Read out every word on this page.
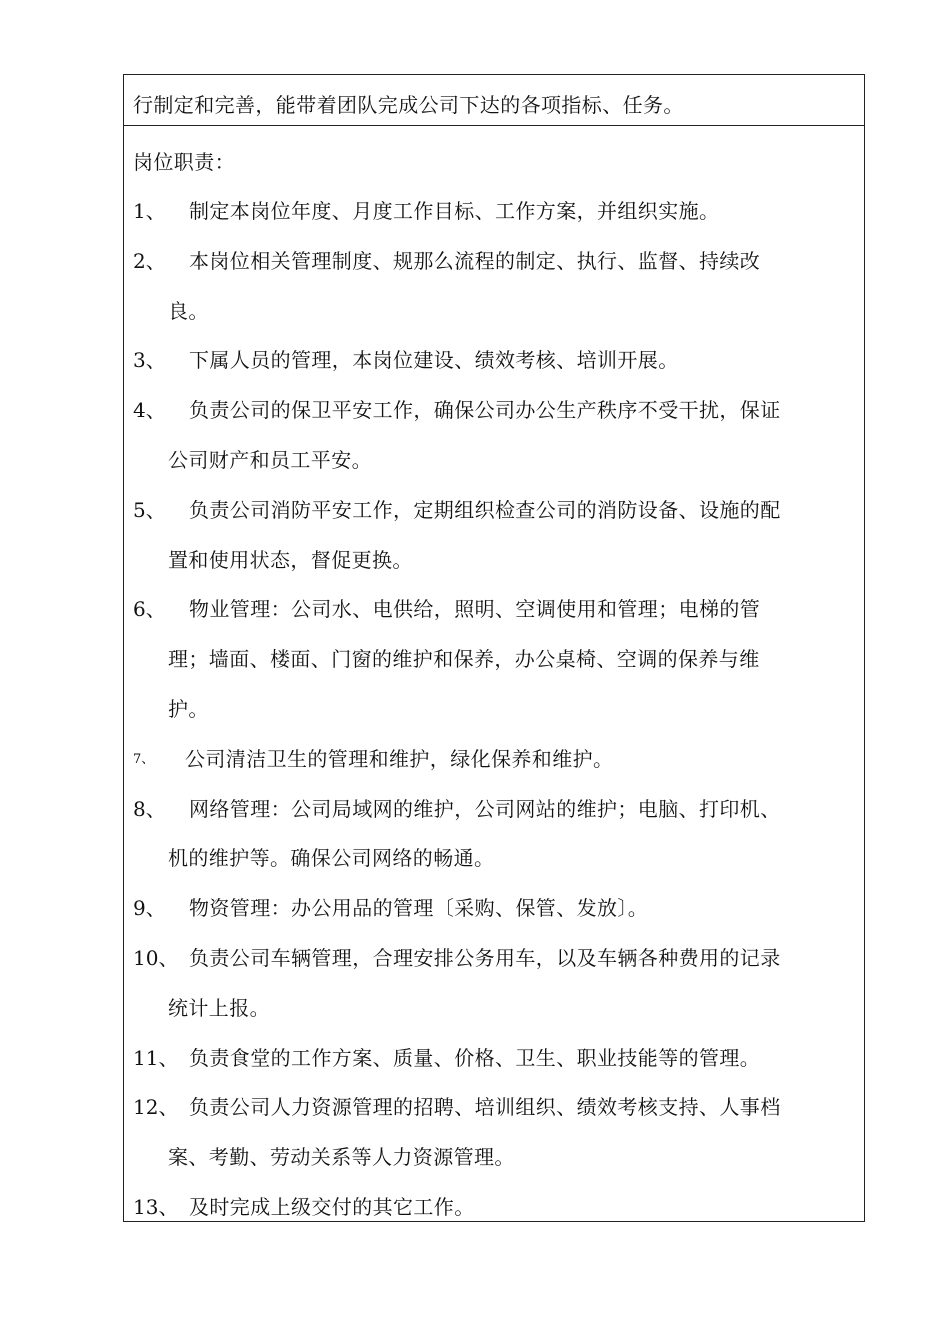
行制定和完善，能带着团队完成公司下达的各项指标、任务。
岗位职责：
1、 制定本岗位年度、月度工作目标、工作方案，并组织实施。
2、 本岗位相关管理制度、规那么流程的制定、执行、监督、持续改
良。
3、 下属人员的管理，本岗位建设、绩效考核、培训开展。
4、 负责公司的保卫平安工作，确保公司办公生产秩序不受干扰，保证
公司财产和员工平安。
5、 负责公司消防平安工作，定期组织检查公司的消防设备、设施的配
置和使用状态，督促更换。
6、 物业管理：公司水、电供给，照明、空调使用和管理；电梯的管
理；墙面、楼面、门窗的维护和保养，办公桌椅、空调的保养与维
护。
7、 公司清洁卫生的管理和维护，绿化保养和维护。
8、 网络管理：公司局域网的维护，公司网站的维护；电脑、打印机、
机的维护等。确保公司网络的畅通。
9、 物资管理：办公用品的管理〔采购、保管、发放〕。
10、 负责公司车辆管理，合理安排公务用车，以及车辆各种费用的记录
统计上报。
11、 负责食堂的工作方案、质量、价格、卫生、职业技能等的管理。
12、 负责公司人力资源管理的招聘、培训组织、绩效考核支持、人事档
案、考勤、劳动关系等人力资源管理。
13、 及时完成上级交付的其它工作。
